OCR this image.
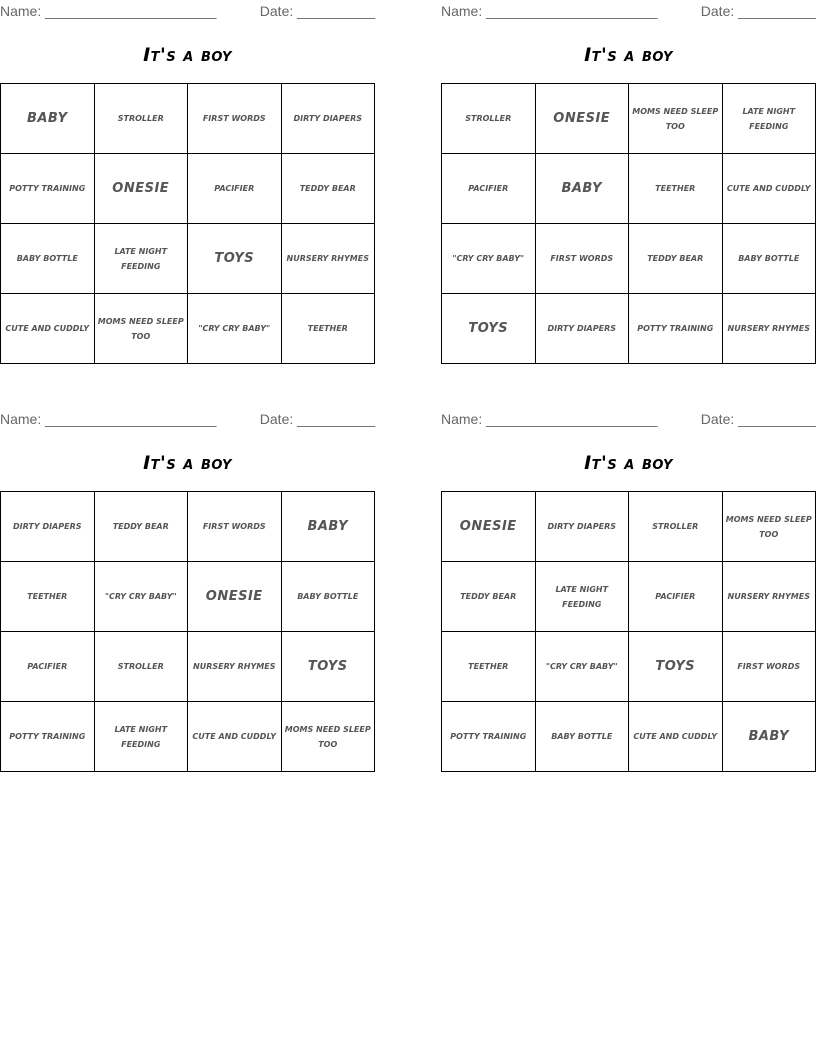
Name: ______________________	Date: __________
It's a boy
BABY	STROLLER	FIRST WORDS	DIRTY DIAPERS
POTTY TRAINING	ONESIE	PACIFIER	TEDDY BEAR
BABY BOTTLE	LATE NIGHT FEEDING	TOYS	NURSERY RHYMES
CUTE AND CUDDLY	MOMS NEED SLEEP TOO	"CRY CRY BABY"	TEETHER
Name: ______________________	Date: __________
It's a boy
STROLLER	ONESIE	MOMS NEED SLEEP TOO	LATE NIGHT FEEDING
PACIFIER	BABY	TEETHER	CUTE AND CUDDLY
"CRY CRY BABY"	FIRST WORDS	TEDDY BEAR	BABY BOTTLE
TOYS	DIRTY DIAPERS	POTTY TRAINING	NURSERY RHYMES
Name: ______________________	Date: __________
It's a boy
DIRTY DIAPERS	TEDDY BEAR	FIRST WORDS	BABY
TEETHER	"CRY CRY BABY"	ONESIE	BABY BOTTLE
PACIFIER	STROLLER	NURSERY RHYMES	TOYS
POTTY TRAINING	LATE NIGHT FEEDING	CUTE AND CUDDLY	MOMS NEED SLEEP TOO
Name: ______________________	Date: __________
It's a boy
ONESIE	DIRTY DIAPERS	STROLLER	MOMS NEED SLEEP TOO
TEDDY BEAR	LATE NIGHT FEEDING	PACIFIER	NURSERY RHYMES
TEETHER	"CRY CRY BABY"	TOYS	FIRST WORDS
POTTY TRAINING	BABY BOTTLE	CUTE AND CUDDLY	BABY
